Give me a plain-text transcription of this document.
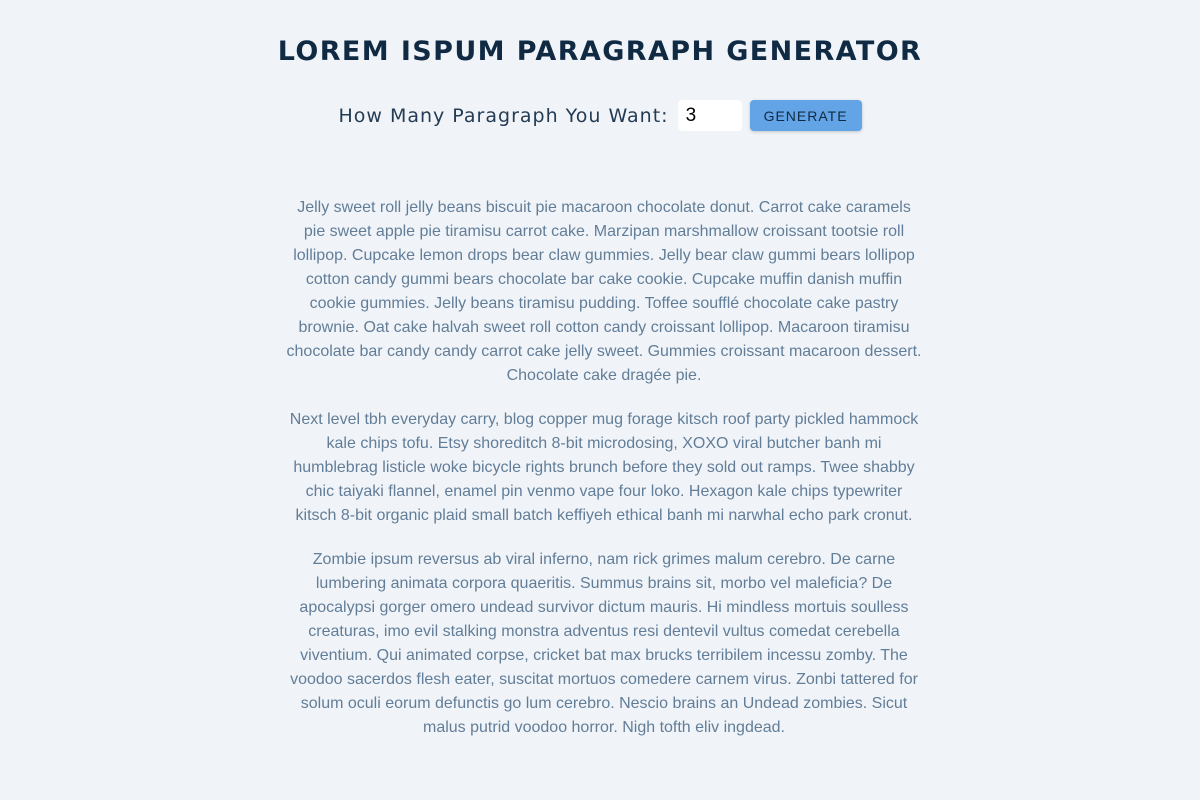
LOREM ISPUM PARAGRAPH GENERATOR
How Many Paragraph You Want:
3	GENERATE

Jelly sweet roll jelly beans biscuit pie macaroon chocolate donut. Carrot cake caramels pie sweet apple pie tiramisu carrot cake. Marzipan marshmallow croissant tootsie roll lollipop. Cupcake lemon drops bear claw gummies. Jelly bear claw gummi bears lollipop cotton candy gummi bears chocolate bar cake cookie. Cupcake muffin danish muffin cookie gummies. Jelly beans tiramisu pudding. Toffee soufflé chocolate cake pastry brownie. Oat cake halvah sweet roll cotton candy croissant lollipop. Macaroon tiramisu chocolate bar candy candy carrot cake jelly sweet. Gummies croissant macaroon dessert. Chocolate cake dragée pie.

Next level tbh everyday carry, blog copper mug forage kitsch roof party pickled hammock kale chips tofu. Etsy shoreditch 8-bit microdosing, XOXO viral butcher banh mi humblebrag listicle woke bicycle rights brunch before they sold out ramps. Twee shabby chic taiyaki flannel, enamel pin venmo vape four loko. Hexagon kale chips typewriter kitsch 8-bit organic plaid small batch keffiyeh ethical banh mi narwhal echo park cronut.

Zombie ipsum reversus ab viral inferno, nam rick grimes malum cerebro. De carne lumbering animata corpora quaeritis. Summus brains sit, morbo vel maleficia? De apocalypsi gorger omero undead survivor dictum mauris. Hi mindless mortuis soulless creaturas, imo evil stalking monstra adventus resi dentevil vultus comedat cerebella viventium. Qui animated corpse, cricket bat max brucks terribilem incessu zomby. The voodoo sacerdos flesh eater, suscitat mortuos comedere carnem virus. Zonbi tattered for solum oculi eorum defunctis go lum cerebro. Nescio brains an Undead zombies. Sicut malus putrid voodoo horror. Nigh tofth eliv ingdead.
